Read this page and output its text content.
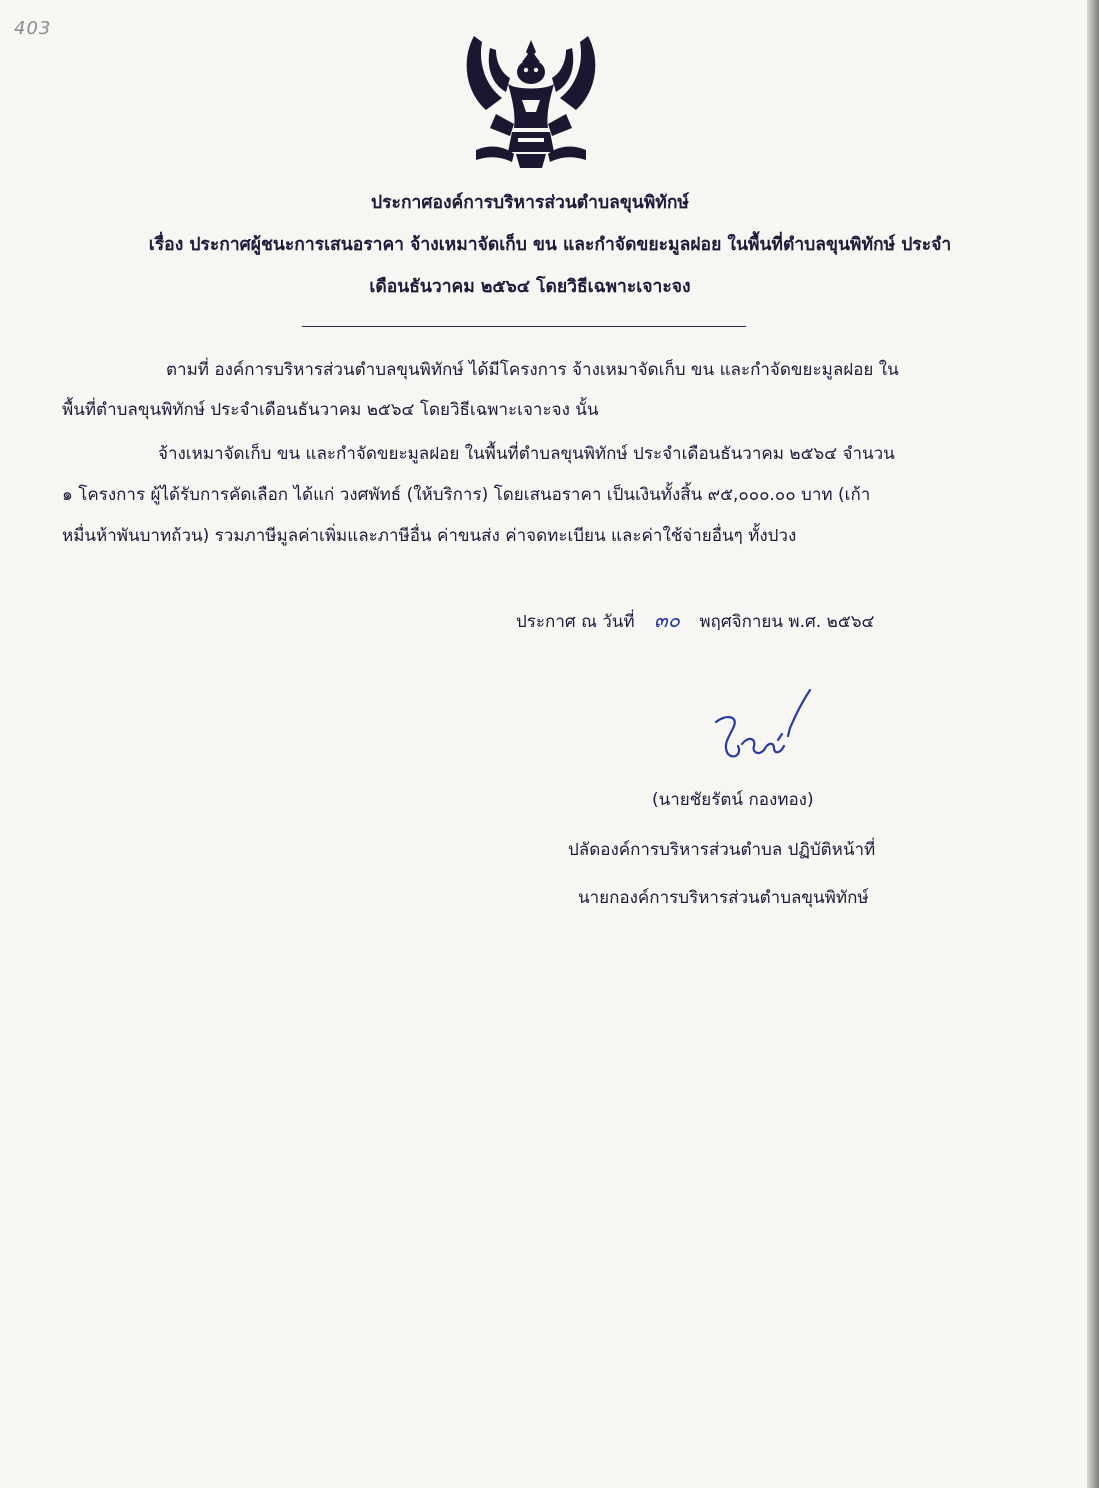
403
ประกาศองค์การบริหารส่วนตำบลขุนพิทักษ์
เรื่อง ประกาศผู้ชนะการเสนอราคา จ้างเหมาจัดเก็บ ขน และกำจัดขยะมูลฝอย ในพื้นที่ตำบลขุนพิทักษ์ ประจำ
เดือนธันวาคม ๒๕๖๔ โดยวิธีเฉพาะเจาะจง
ตามที่ องค์การบริหารส่วนตำบลขุนพิทักษ์ ได้มีโครงการ จ้างเหมาจัดเก็บ ขน และกำจัดขยะมูลฝอย ใน
พื้นที่ตำบลขุนพิทักษ์ ประจำเดือนธันวาคม ๒๕๖๔ โดยวิธีเฉพาะเจาะจง นั้น
จ้างเหมาจัดเก็บ ขน และกำจัดขยะมูลฝอย ในพื้นที่ตำบลขุนพิทักษ์ ประจำเดือนธันวาคม ๒๕๖๔ จำนวน
๑ โครงการ ผู้ได้รับการคัดเลือก ได้แก่ วงศพัทธ์ (ให้บริการ) โดยเสนอราคา เป็นเงินทั้งสิ้น ๙๕,๐๐๐.๐๐ บาท (เก้า
หมื่นห้าพันบาทถ้วน) รวมภาษีมูลค่าเพิ่มและภาษีอื่น ค่าขนส่ง ค่าจดทะเบียน และค่าใช้จ่ายอื่นๆ ทั้งปวง
ประกาศ ณ วันที่ ๓๐ พฤศจิกายน พ.ศ. ๒๕๖๔
(นายชัยรัตน์ กองทอง)
ปลัดองค์การบริหารส่วนตำบล ปฏิบัติหน้าที่
นายกองค์การบริหารส่วนตำบลขุนพิทักษ์
